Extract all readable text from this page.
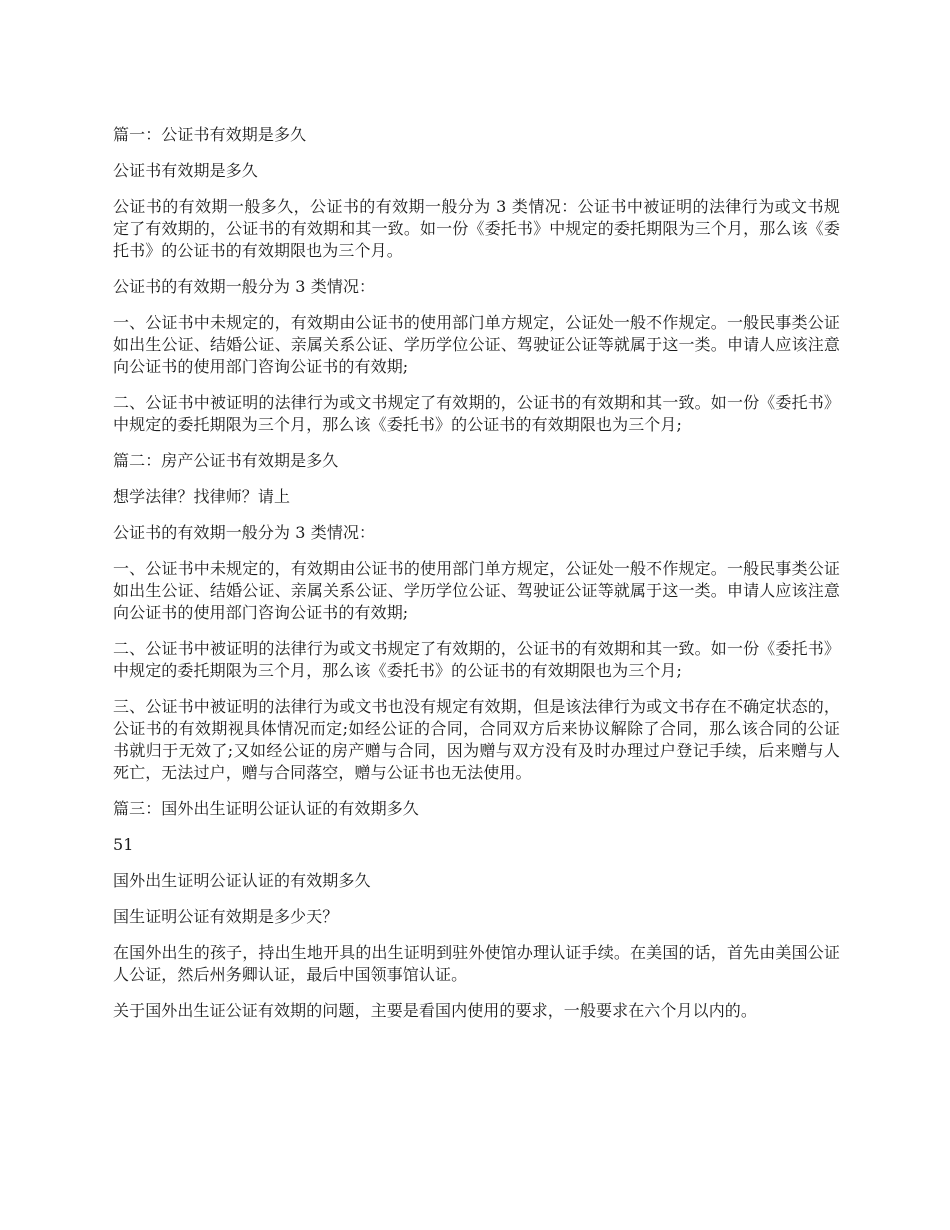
篇一：公证书有效期是多久

公证书有效期是多久

公证书的有效期一般多久，公证书的有效期一般分为 3 类情况：公证书中被证明的法律行为或文书规定了有效期的，公证书的有效期和其一致。如一份《委托书》中规定的委托期限为三个月，那么该《委托书》的公证书的有效期限也为三个月。

公证书的有效期一般分为 3 类情况：

一、公证书中未规定的，有效期由公证书的使用部门单方规定，公证处一般不作规定。一般民事类公证如出生公证、结婚公证、亲属关系公证、学历学位公证、驾驶证公证等就属于这一类。申请人应该注意向公证书的使用部门咨询公证书的有效期;

二、公证书中被证明的法律行为或文书规定了有效期的，公证书的有效期和其一致。如一份《委托书》中规定的委托期限为三个月，那么该《委托书》的公证书的有效期限也为三个月;

篇二：房产公证书有效期是多久

想学法律？找律师？请上

公证书的有效期一般分为 3 类情况：

一、公证书中未规定的，有效期由公证书的使用部门单方规定，公证处一般不作规定。一般民事类公证如出生公证、结婚公证、亲属关系公证、学历学位公证、驾驶证公证等就属于这一类。申请人应该注意向公证书的使用部门咨询公证书的有效期;

二、公证书中被证明的法律行为或文书规定了有效期的，公证书的有效期和其一致。如一份《委托书》中规定的委托期限为三个月，那么该《委托书》的公证书的有效期限也为三个月;

三、公证书中被证明的法律行为或文书也没有规定有效期，但是该法律行为或文书存在不确定状态的，公证书的有效期视具体情况而定;如经公证的合同，合同双方后来协议解除了合同，那么该合同的公证书就归于无效了;又如经公证的房产赠与合同，因为赠与双方没有及时办理过户登记手续，后来赠与人死亡，无法过户，赠与合同落空，赠与公证书也无法使用。

篇三：国外出生证明公证认证的有效期多久

51

国外出生证明公证认证的有效期多久

国生证明公证有效期是多少天？

在国外出生的孩子，持出生地开具的出生证明到驻外使馆办理认证手续。在美国的话，首先由美国公证人公证，然后州务卿认证，最后中国领事馆认证。

关于国外出生证公证有效期的问题，主要是看国内使用的要求，一般要求在六个月以内的。
